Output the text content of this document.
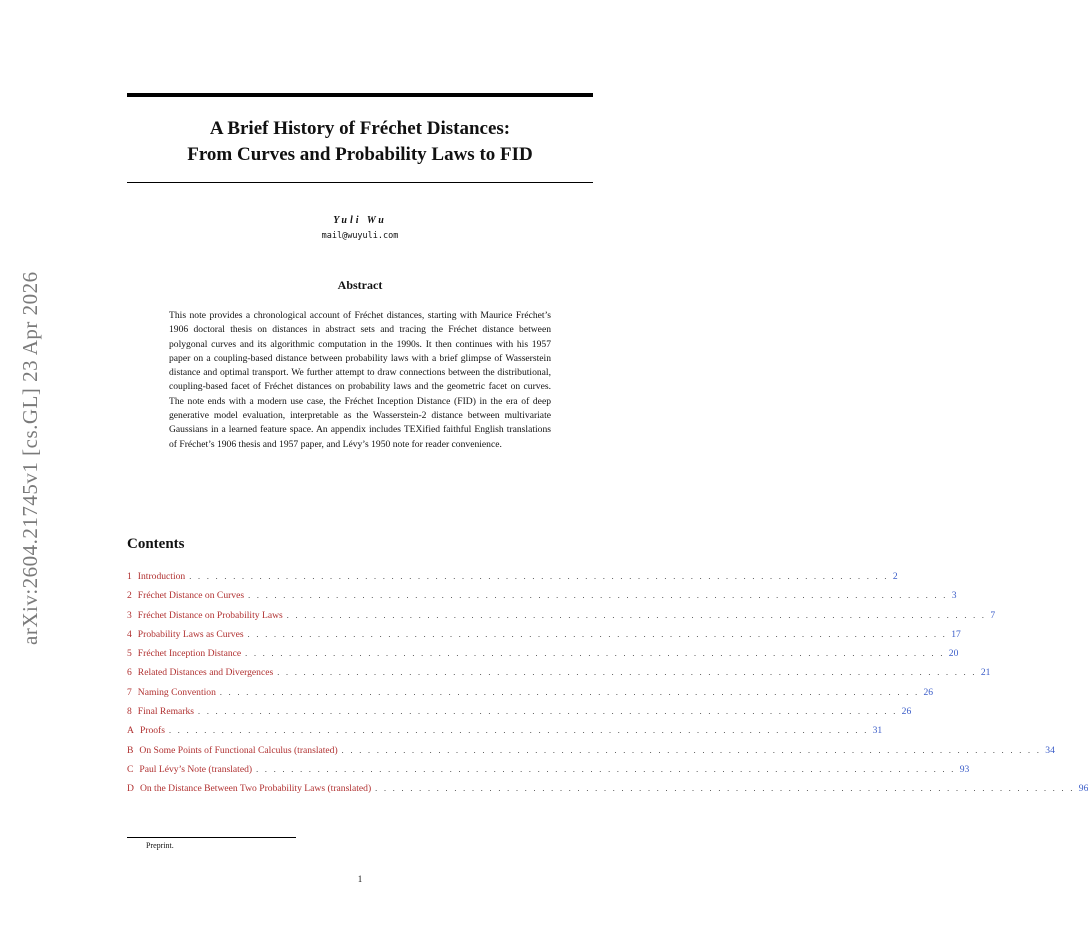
A Brief History of Fréchet Distances:
From Curves and Probability Laws to FID
Yuli Wu
mail@wuyuli.com
Abstract
This note provides a chronological account of Fréchet distances, starting with Maurice Fréchet’s 1906 doctoral thesis on distances in abstract sets and tracing the Fréchet distance between polygonal curves and its algorithmic computation in the 1990s. It then continues with his 1957 paper on a coupling-based distance between probability laws with a brief glimpse of Wasserstein distance and optimal transport. We further attempt to draw connections between the distributional, coupling-based facet of Fréchet distances on probability laws and the geometric facet on curves. The note ends with a modern use case, the Fréchet Inception Distance (FID) in the era of deep generative model evaluation, interpretable as the Wasserstein-2 distance between multivariate Gaussians in a learned feature space. An appendix includes TEXified faithful English translations of Fréchet’s 1906 thesis and 1957 paper, and Lévy’s 1950 note for reader convenience.
arXiv:2604.21745v1 [cs.GL] 23 Apr 2026	Contents
1 Introduction . . . . . . . . . . . . . . . . . . . . . . . . . . . . . . . . . . . . . . . . . . . . . . . . . . . . . . . . . . . . . . . . . . . . . . . . . . . . . . . . 2
2 Fréchet Distance on Curves . . . . . . . . . . . . . . . . . . . . . . . . . . . . . . . . . . . . . . . . . . . . . . . . . . . . . . . . . . . . . . . . . . . . . . . . . . . . . . . . 3
3 Fréchet Distance on Probability Laws . . . . . . . . . . . . . . . . . . . . . . . . . . . . . . . . . . . . . . . . . . . . . . . . . . . . . . . . . . . . . . . . . . . . . . . . . . . . . . . . 7
4 Probability Laws as Curves . . . . . . . . . . . . . . . . . . . . . . . . . . . . . . . . . . . . . . . . . . . . . . . . . . . . . . . . . . . . . . . . . . . . . . . . . . . . . . . . 17
5 Fréchet Inception Distance . . . . . . . . . . . . . . . . . . . . . . . . . . . . . . . . . . . . . . . . . . . . . . . . . . . . . . . . . . . . . . . . . . . . . . . . . . . . . . . . 20
6 Related Distances and Divergences . . . . . . . . . . . . . . . . . . . . . . . . . . . . . . . . . . . . . . . . . . . . . . . . . . . . . . . . . . . . . . . . . . . . . . . . . . . . . . . . 21
7 Naming Convention . . . . . . . . . . . . . . . . . . . . . . . . . . . . . . . . . . . . . . . . . . . . . . . . . . . . . . . . . . . . . . . . . . . . . . . . . . . . . . . . 26
8 Final Remarks . . . . . . . . . . . . . . . . . . . . . . . . . . . . . . . . . . . . . . . . . . . . . . . . . . . . . . . . . . . . . . . . . . . . . . . . . . . . . . . . 26
A Proofs . . . . . . . . . . . . . . . . . . . . . . . . . . . . . . . . . . . . . . . . . . . . . . . . . . . . . . . . . . . . . . . . . . . . . . . . . . . . . . . . 31
B On Some Points of Functional Calculus (translated) . . . . . . . . . . . . . . . . . . . . . . . . . . . . . . . . . . . . . . . . . . . . . . . . . . . . . . . . . . . . . . . . . . . . . . . . . . . . . . . . 34
C Paul Lévy’s Note (translated) . . . . . . . . . . . . . . . . . . . . . . . . . . . . . . . . . . . . . . . . . . . . . . . . . . . . . . . . . . . . . . . . . . . . . . . . . . . . . . . . 93
D On the Distance Between Two Probability Laws (translated) . . . . . . . . . . . . . . . . . . . . . . . . . . . . . . . . . . . . . . . . . . . . . . . . . . . . . . . . . . . . . . . . . . . . . . . . . . . . . . . . 96
Preprint.
1
